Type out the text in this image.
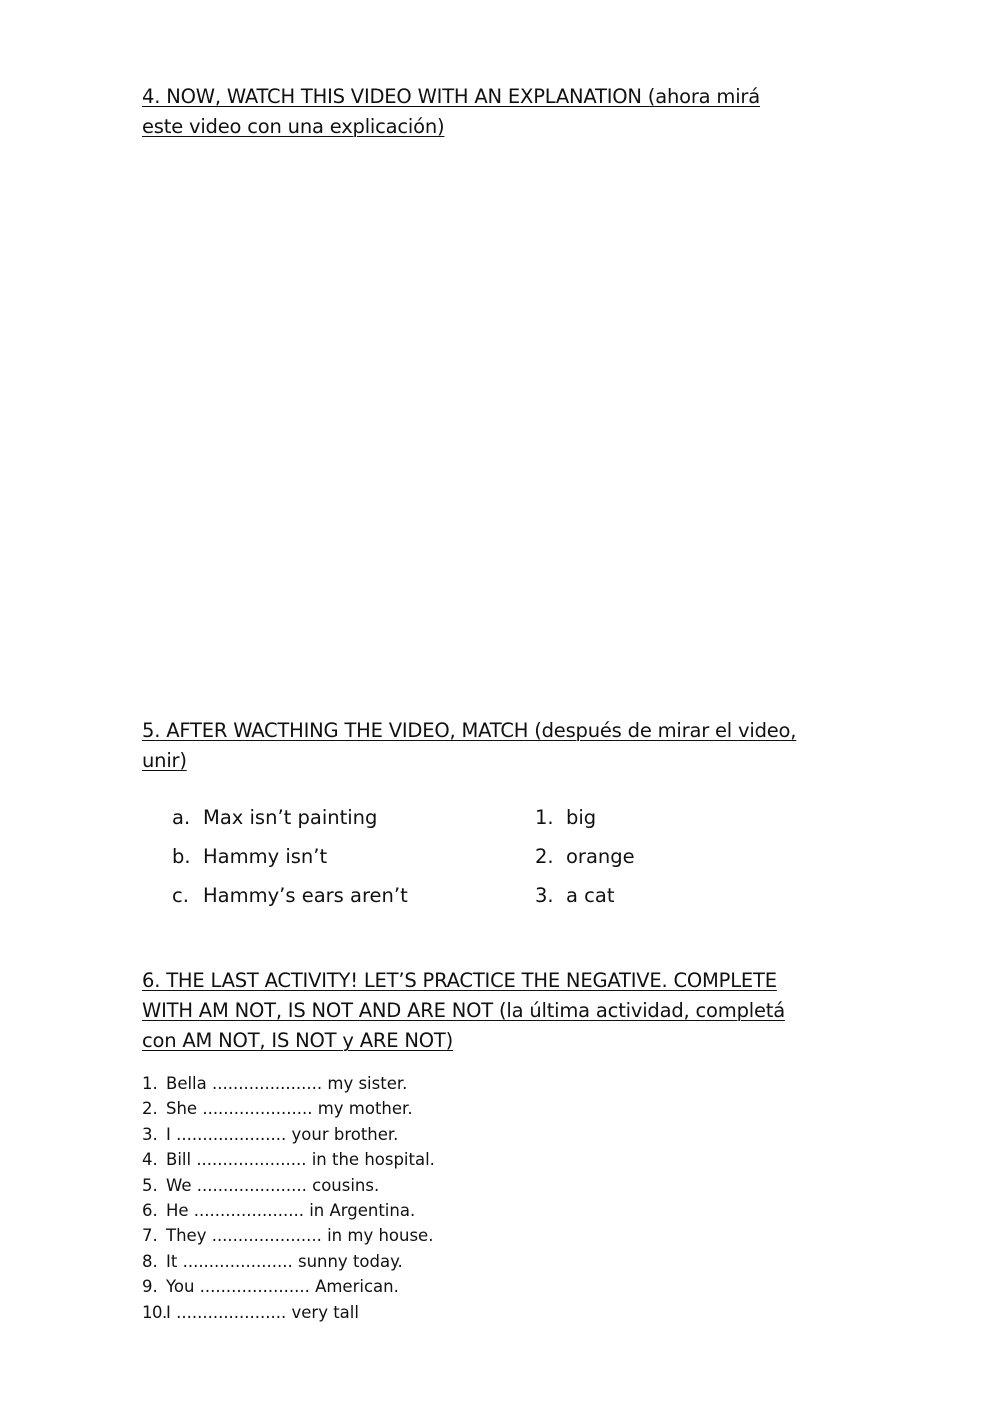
4. NOW, WATCH THIS VIDEO WITH AN EXPLANATION (ahora mirá
este video con una explicación)
5. AFTER WACTHING THE VIDEO, MATCH (después de mirar el video,
unir)
a. Max isn’t painting
b. Hammy isn’t
c. Hammy’s ears aren’t
1. big
2. orange
3. a cat
6. THE LAST ACTIVITY! LET’S PRACTICE THE NEGATIVE. COMPLETE
WITH AM NOT, IS NOT AND ARE NOT (la última actividad, completá
con AM NOT, IS NOT y ARE NOT)
1. Bella ..................... my sister.
2. She ..................... my mother.
3. I ..................... your brother.
4. Bill ..................... in the hospital.
5. We ..................... cousins.
6. He ..................... in Argentina.
7. They ..................... in my house.
8. It ..................... sunny today.
9. You ..................... American.
10.I ..................... very tall
